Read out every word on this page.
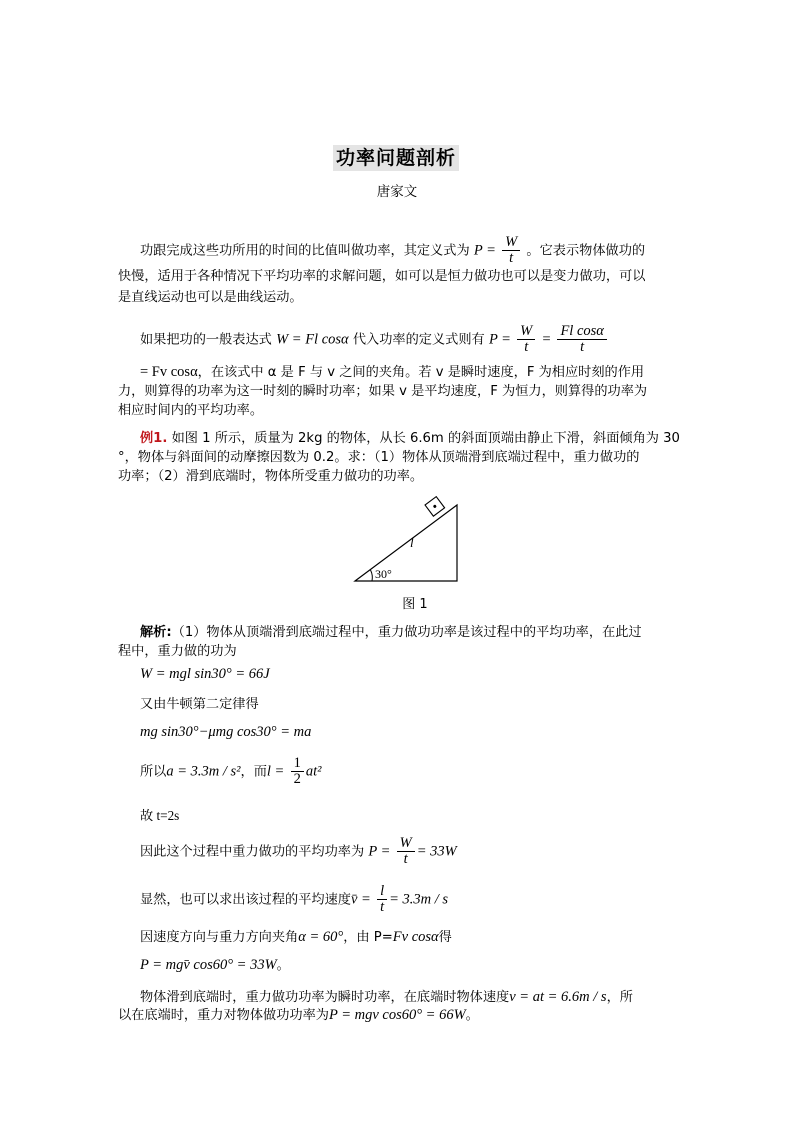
功率问题剖析
唐家文
功跟完成这些功所用的时间的比值叫做功率，其定义式为 $P = \frac{W}{t}$ 。它表示物体做功的
快慢，适用于各种情况下平均功率的求解问题，如可以是恒力做功也可以是变力做功，可以
是直线运动也可以是曲线运动。
如果把功的一般表达式 W = Fl cosα 代入功率的定义式则有 $P = \frac{W}{t} = \frac{\text{Fl cosα}}{t}$
= Fv cosα，在该式中 α 是 F 与 v 之间的夹角。若 v 是瞬时速度，F 为相应时刻的作用
力，则算得的功率为这一时刻的瞬时功率；如果 v 是平均速度，F 为恒力，则算得的功率为
相应时间内的平均功率。
例1. 如图 1 所示，质量为 2kg 的物体，从长 6.6m 的斜面顶端由静止下滑，斜面倾角为 30
°，物体与斜面间的动摩擦因数为 0.2。求：（1）物体从顶端滑到底端过程中，重力做功的
功率；（2）滑到底端时，物体所受重力做功的功率。
30°
l
图 1
解析:（1）物体从顶端滑到底端过程中，重力做功功率是该过程中的平均功率，在此过
程中，重力做的功为
W = mgl sin30° = 66J
又由牛顿第二定律得
mg sin30°−μmg cos30° = ma
所以a = 3.3m / s²，而$l = \frac{1}{2} at^2$
故 t=2s
因此这个过程中重力做功的平均功率为 $P = \frac{W}{t} = 33W$
显然，也可以求出该过程的平均速度v̄ = $\frac{l}{t} = 3.3m / s$
因速度方向与重力方向夹角α = 60°，由 P=Fv cosα得
P = mgv̄ cos60° = 33W。
物体滑到底端时，重力做功功率为瞬时功率，在底端时物体速度v = at = 6.6m / s，所
以在底端时，重力对物体做功功率为P = mgv cos60° = 66W。
